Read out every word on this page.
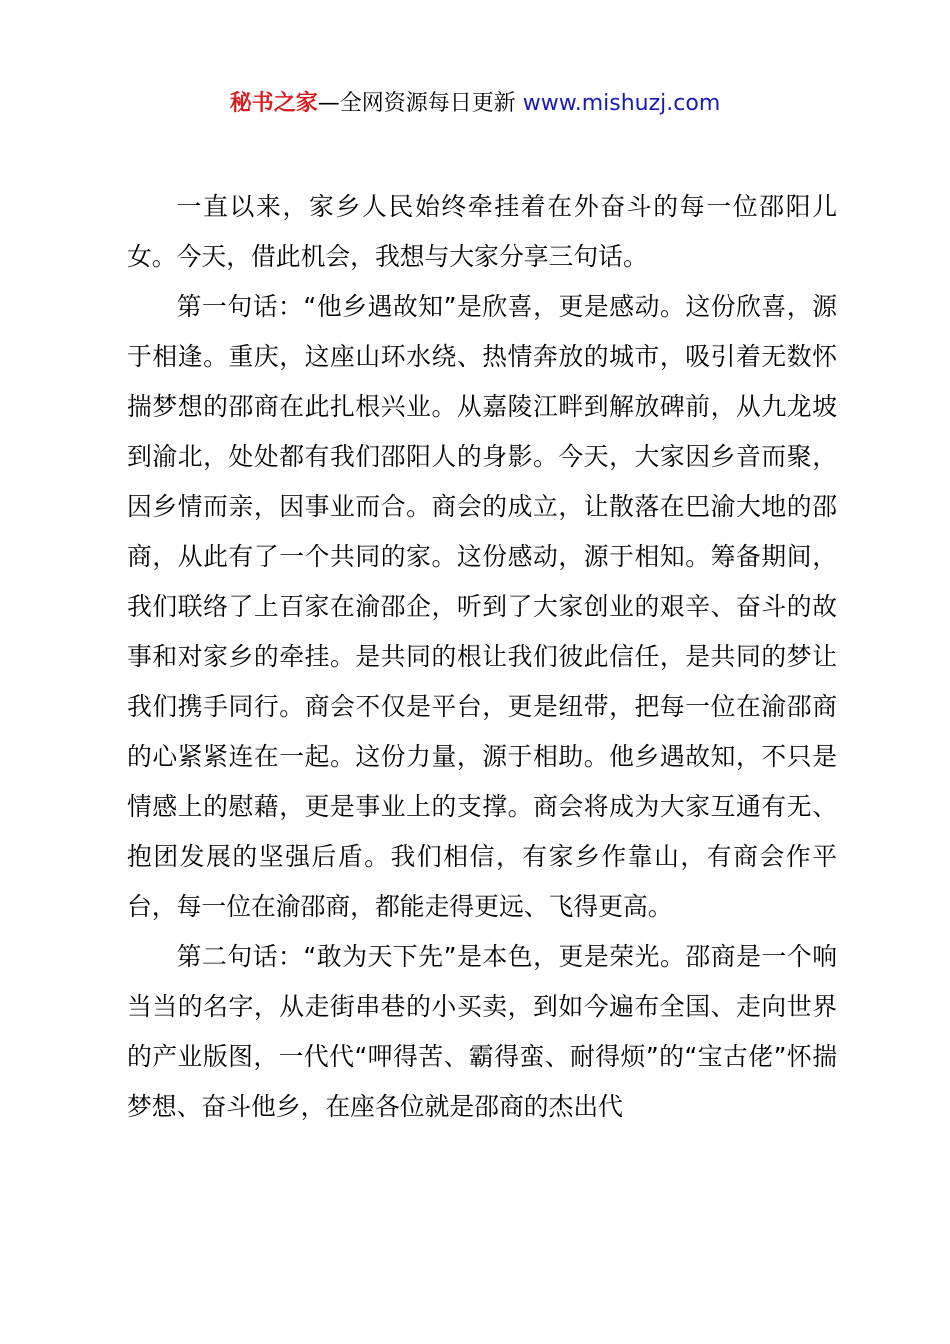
秘书之家—全网资源每日更新 www.mishuzj.com

一直以来，家乡人民始终牵挂着在外奋斗的每一位邵阳儿女。今天，借此机会，我想与大家分享三句话。

第一句话：“他乡遇故知”是欣喜，更是感动。这份欣喜，源于相逢。重庆，这座山环水绕、热情奔放的城市，吸引着无数怀揣梦想的邵商在此扎根兴业。从嘉陵江畔到解放碑前，从九龙坡到渝北，处处都有我们邵阳人的身影。今天，大家因乡音而聚，因乡情而亲，因事业而合。商会的成立，让散落在巴渝大地的邵商，从此有了一个共同的家。这份感动，源于相知。筹备期间，我们联络了上百家在渝邵企，听到了大家创业的艰辛、奋斗的故事和对家乡的牵挂。是共同的根让我们彼此信任，是共同的梦让我们携手同行。商会不仅是平台，更是纽带，把每一位在渝邵商的心紧紧连在一起。这份力量，源于相助。他乡遇故知，不只是情感上的慰藉，更是事业上的支撑。商会将成为大家互通有无、抱团发展的坚强后盾。我们相信，有家乡作靠山，有商会作平台，每一位在渝邵商，都能走得更远、飞得更高。

第二句话：“敢为天下先”是本色，更是荣光。邵商是一个响当当的名字，从走街串巷的小买卖，到如今遍布全国、走向世界的产业版图，一代代“呷得苦、霸得蛮、耐得烦”的“宝古佬”怀揣梦想、奋斗他乡，在座各位就是邵商的杰出代
